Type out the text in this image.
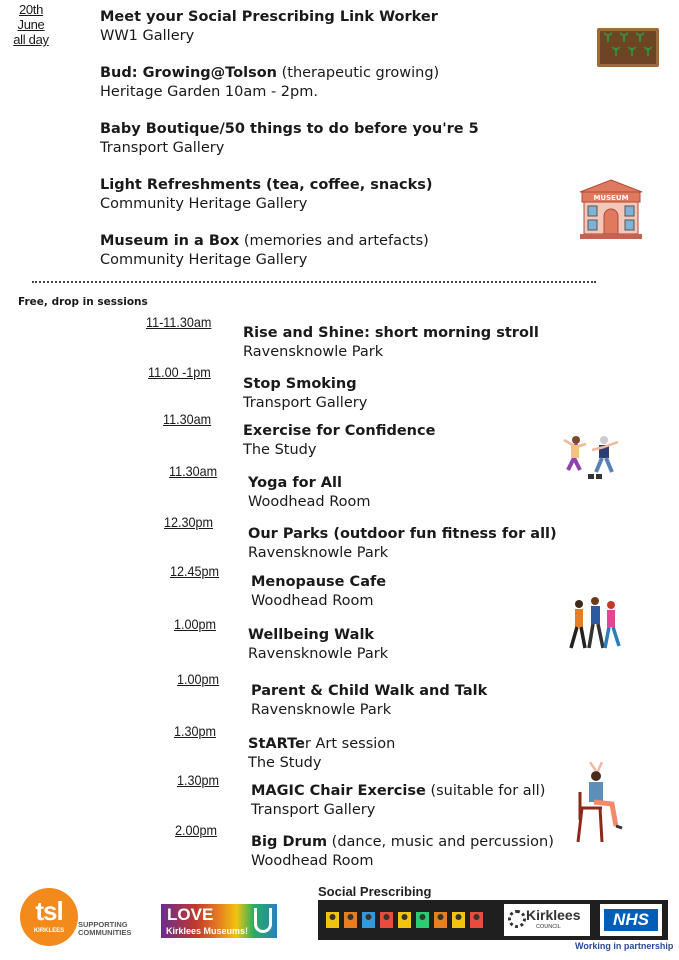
20th June
all day
Meet your Social Prescribing Link Worker
WW1 Gallery
Bud: Growing@Tolson (therapeutic growing)
Heritage Garden 10am - 2pm.
Baby Boutique/50 things to do before you're 5
Transport Gallery
Light Refreshments (tea, coffee, snacks)
Community Heritage Gallery
Museum in a Box (memories and artefacts)
Community Heritage Gallery
MUSEUM
Free, drop in sessions
11-11.30am
11.00 -1pm
11.30am
11.30am
12.30pm
12.45pm
1.00pm
1.00pm
1.30pm
1.30pm
2.00pm
Rise and Shine: short morning stroll
Ravensknowle Park
Stop Smoking
Transport Gallery
Exercise for Confidence
The Study
Yoga for All
Woodhead Room
Our Parks (outdoor fun fitness for all)
Ravensknowle Park
Menopause Cafe
Woodhead Room
Wellbeing Walk
Ravensknowle Park
Parent & Child Walk and Talk
Ravensknowle Park
StARTer Art session
The Study
MAGIC Chair Exercise (suitable for all)
Transport Gallery
Big Drum (dance, music and percussion)
Woodhead Room
tsl
KIRKLEES
SUPPORTING
COMMUNITIES
LOVE
Kirklees Museums!
Social Prescribing
Kirklees
COUNCIL	NHS
Working in partnership
